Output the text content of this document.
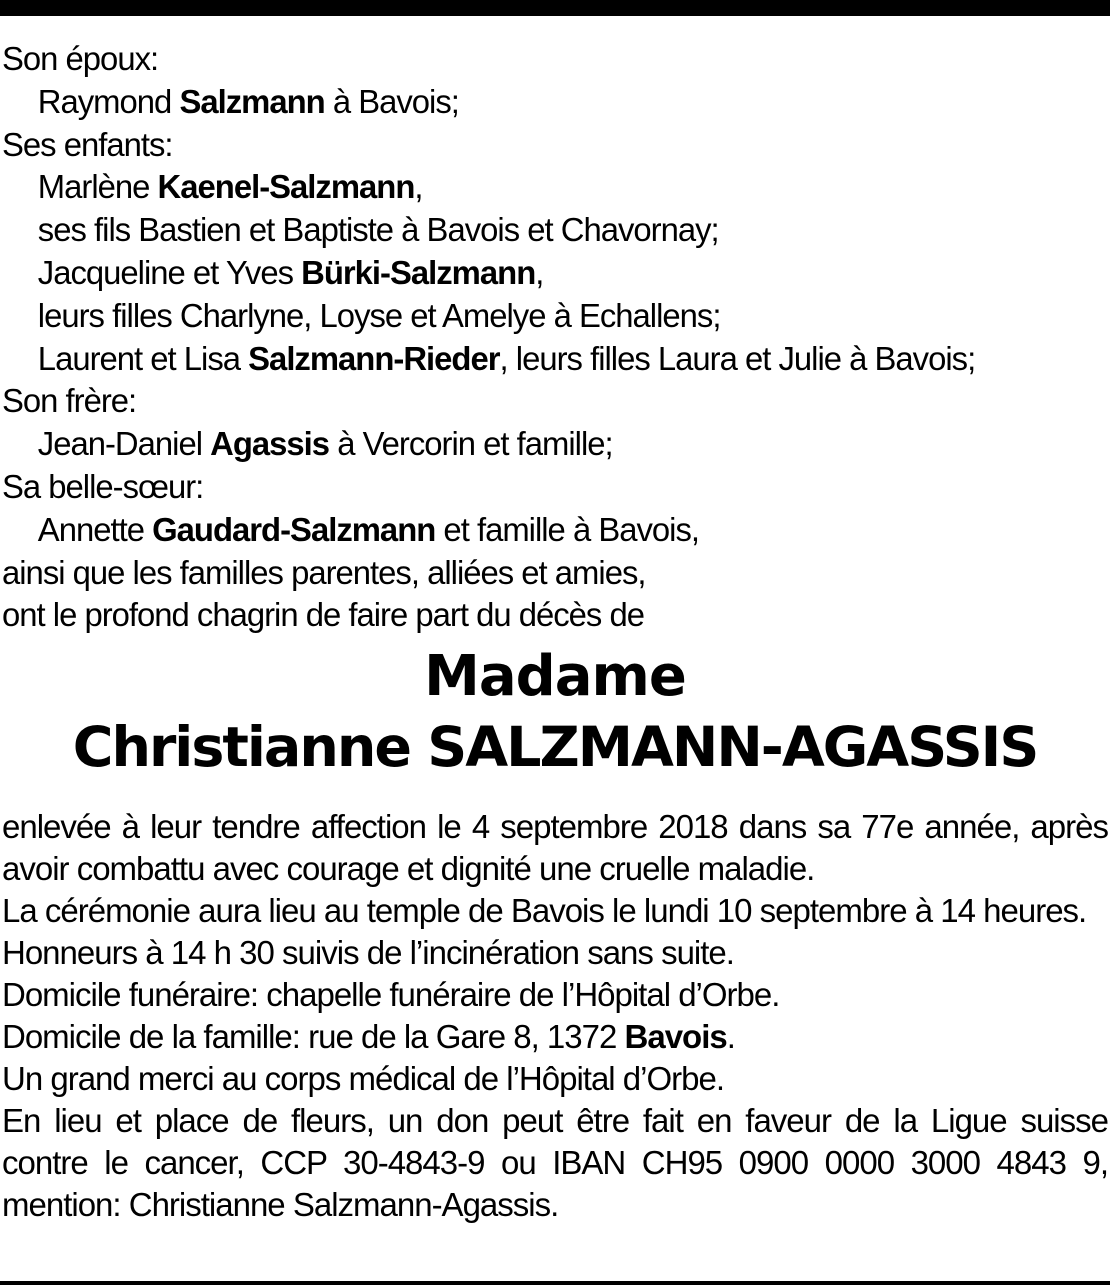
Son époux:
Raymond Salzmann à Bavois;
Ses enfants:
Marlène Kaenel-Salzmann,
ses fils Bastien et Baptiste à Bavois et Chavornay;
Jacqueline et Yves Bürki-Salzmann,
leurs filles Charlyne, Loyse et Amelye à Echallens;
Laurent et Lisa Salzmann-Rieder, leurs filles Laura et Julie à Bavois;
Son frère:
Jean-Daniel Agassis à Vercorin et famille;
Sa belle-sœur:
Annette Gaudard-Salzmann et famille à Bavois,
ainsi que les familles parentes, alliées et amies,
ont le profond chagrin de faire part du décès de
Madame
Christianne SALZMANN-AGASSIS
enlevée à leur tendre affection le 4 septembre 2018 dans sa 77e année, après avoir combattu avec courage et dignité une cruelle maladie.
La cérémonie aura lieu au temple de Bavois le lundi 10 septembre à 14 heures.
Honneurs à 14 h 30 suivis de l’incinération sans suite.
Domicile funéraire: chapelle funéraire de l’Hôpital d’Orbe.
Domicile de la famille: rue de la Gare 8, 1372 Bavois.
Un grand merci au corps médical de l’Hôpital d’Orbe.
En lieu et place de fleurs, un don peut être fait en faveur de la Ligue suisse contre le cancer, CCP 30-4843-9 ou IBAN CH95 0900 0000 3000 4843 9, mention: Christianne Salzmann-Agassis.
